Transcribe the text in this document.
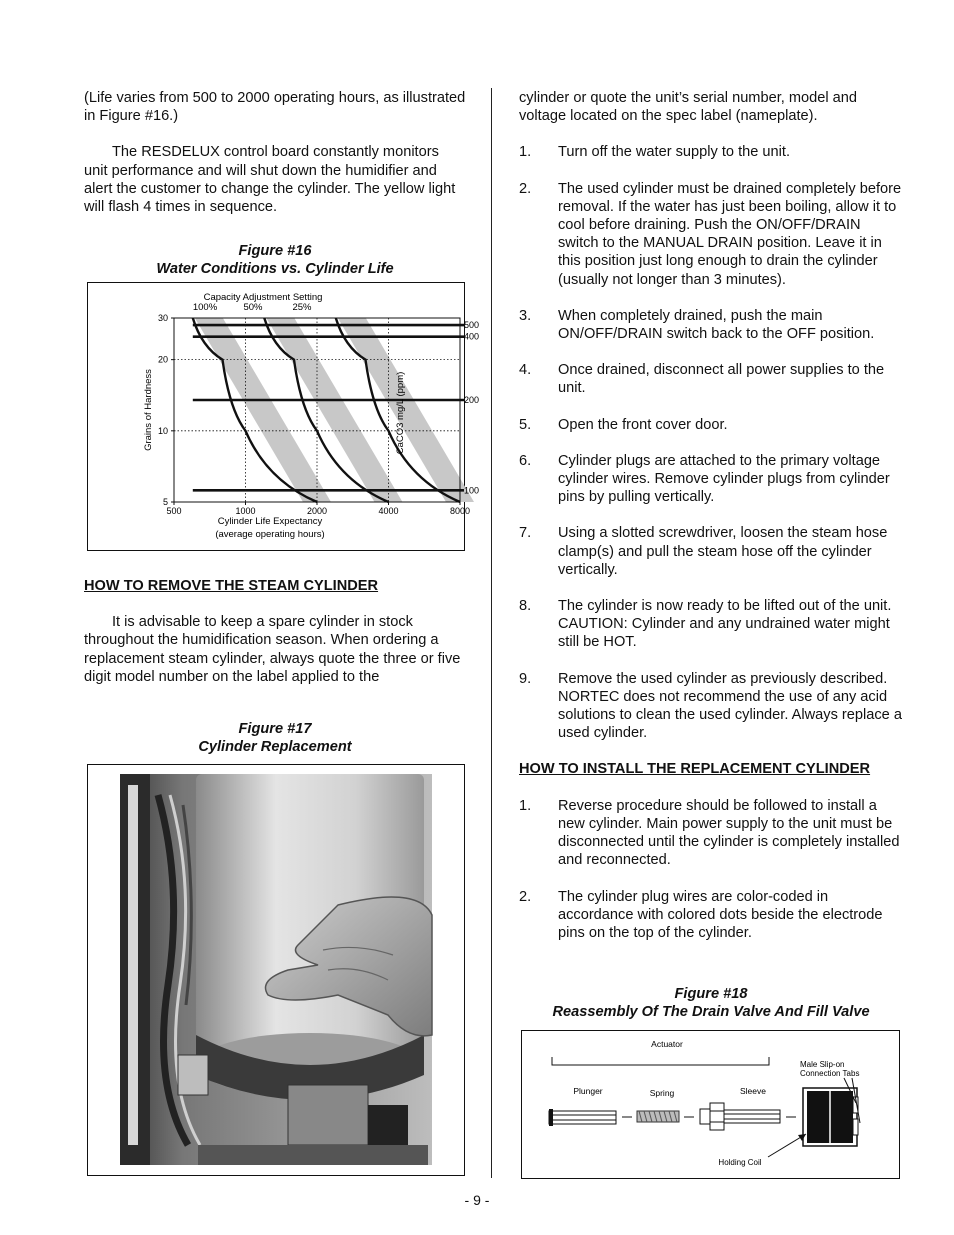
(Life varies from 500 to 2000 operating hours, as illustrated in Figure #16.)

The RESDELUX control board constantly monitors unit performance and will shut down the humidifier and alert the customer to change the cylinder. The yellow light will flash 4 times in sequence.

Figure #16
Water Conditions vs. Cylinder Life
HOW TO REMOVE THE STEAM CYLINDER

It is advisable to keep a spare cylinder in stock throughout the humidification season. When ordering a replacement steam cylinder, always quote the three or five digit model number on the label applied to the

Figure #17
Cylinder Replacement
500	1000	2000	4000	8000
5
10
20
30
100
200
400
500
Capacity Adjustment Setting
100%	50%	25%
Cylinder Life Expectancy
(average operating hours)
Grains of Hardness	CaCO3 mg/L (ppm)

cylinder or quote the unit’s serial number, model and voltage located on the spec label (nameplate).

1.	Turn off the water supply to the unit.
2.	The used cylinder must be drained completely before removal. If the water has just been boiling, allow it to cool before draining. Push the ON/OFF/DRAIN switch to the MANUAL DRAIN position. Leave it in this position just long enough to drain the cylinder (usually not longer than 3 minutes).
3.	When completely drained, push the main ON/OFF/DRAIN switch back to the OFF position.
4.	Once drained, disconnect all power supplies to the unit.
5.	Open the front cover door.
6.	Cylinder plugs are attached to the primary voltage cylinder wires. Remove cylinder plugs from cylinder pins by pulling vertically.
7.	Using a slotted screwdriver, loosen the steam hose clamp(s) and pull the steam hose off the cylinder vertically.
8.	The cylinder is now ready to be lifted out of the unit. CAUTION: Cylinder and any undrained water might still be HOT.
9.	Remove the used cylinder as previously described. NORTEC does not recommend the use of any acid solutions to clean the used cylinder. Always replace a used cylinder.
HOW TO INSTALL THE REPLACEMENT CYLINDER
1.	Reverse procedure should be followed to install a new cylinder. Main power supply to the unit must be disconnected until the cylinder is completely installed and reconnected.
2.	The cylinder plug wires are color-coded in accordance with colored dots beside the electrode pins on the top of the cylinder.
Figure #18
Reassembly Of The Drain Valve And Fill Valve
Actuator
Plunger	Spring	Sleeve
Male Slip-on
Connection Tabs
Holding Coil
- 9 -
